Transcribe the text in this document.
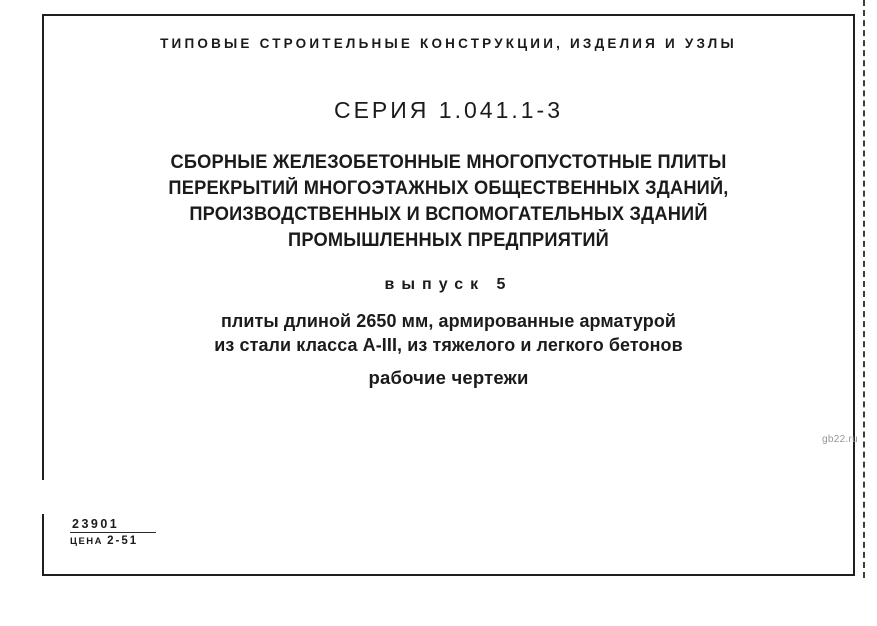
ТИПОВЫЕ СТРОИТЕЛЬНЫЕ КОНСТРУКЦИИ, ИЗДЕЛИЯ И УЗЛЫ
СЕРИЯ 1.041.1-3
СБОРНЫЕ ЖЕЛЕЗОБЕТОННЫЕ МНОГОПУСТОТНЫЕ ПЛИТЫ
ПЕРЕКРЫТИЙ МНОГОЭТАЖНЫХ ОБЩЕСТВЕННЫХ ЗДАНИЙ,
ПРОИЗВОДСТВЕННЫХ И ВСПОМОГАТЕЛЬНЫХ ЗДАНИЙ
ПРОМЫШЛЕННЫХ ПРЕДПРИЯТИЙ
выпуск 5
плиты длиной 2650 мм, армированные арматурой
из стали класса А-III, из тяжелого и легкого бетонов
рабочие чертежи
23901
ЦЕНА 2-51
gb22.ru
